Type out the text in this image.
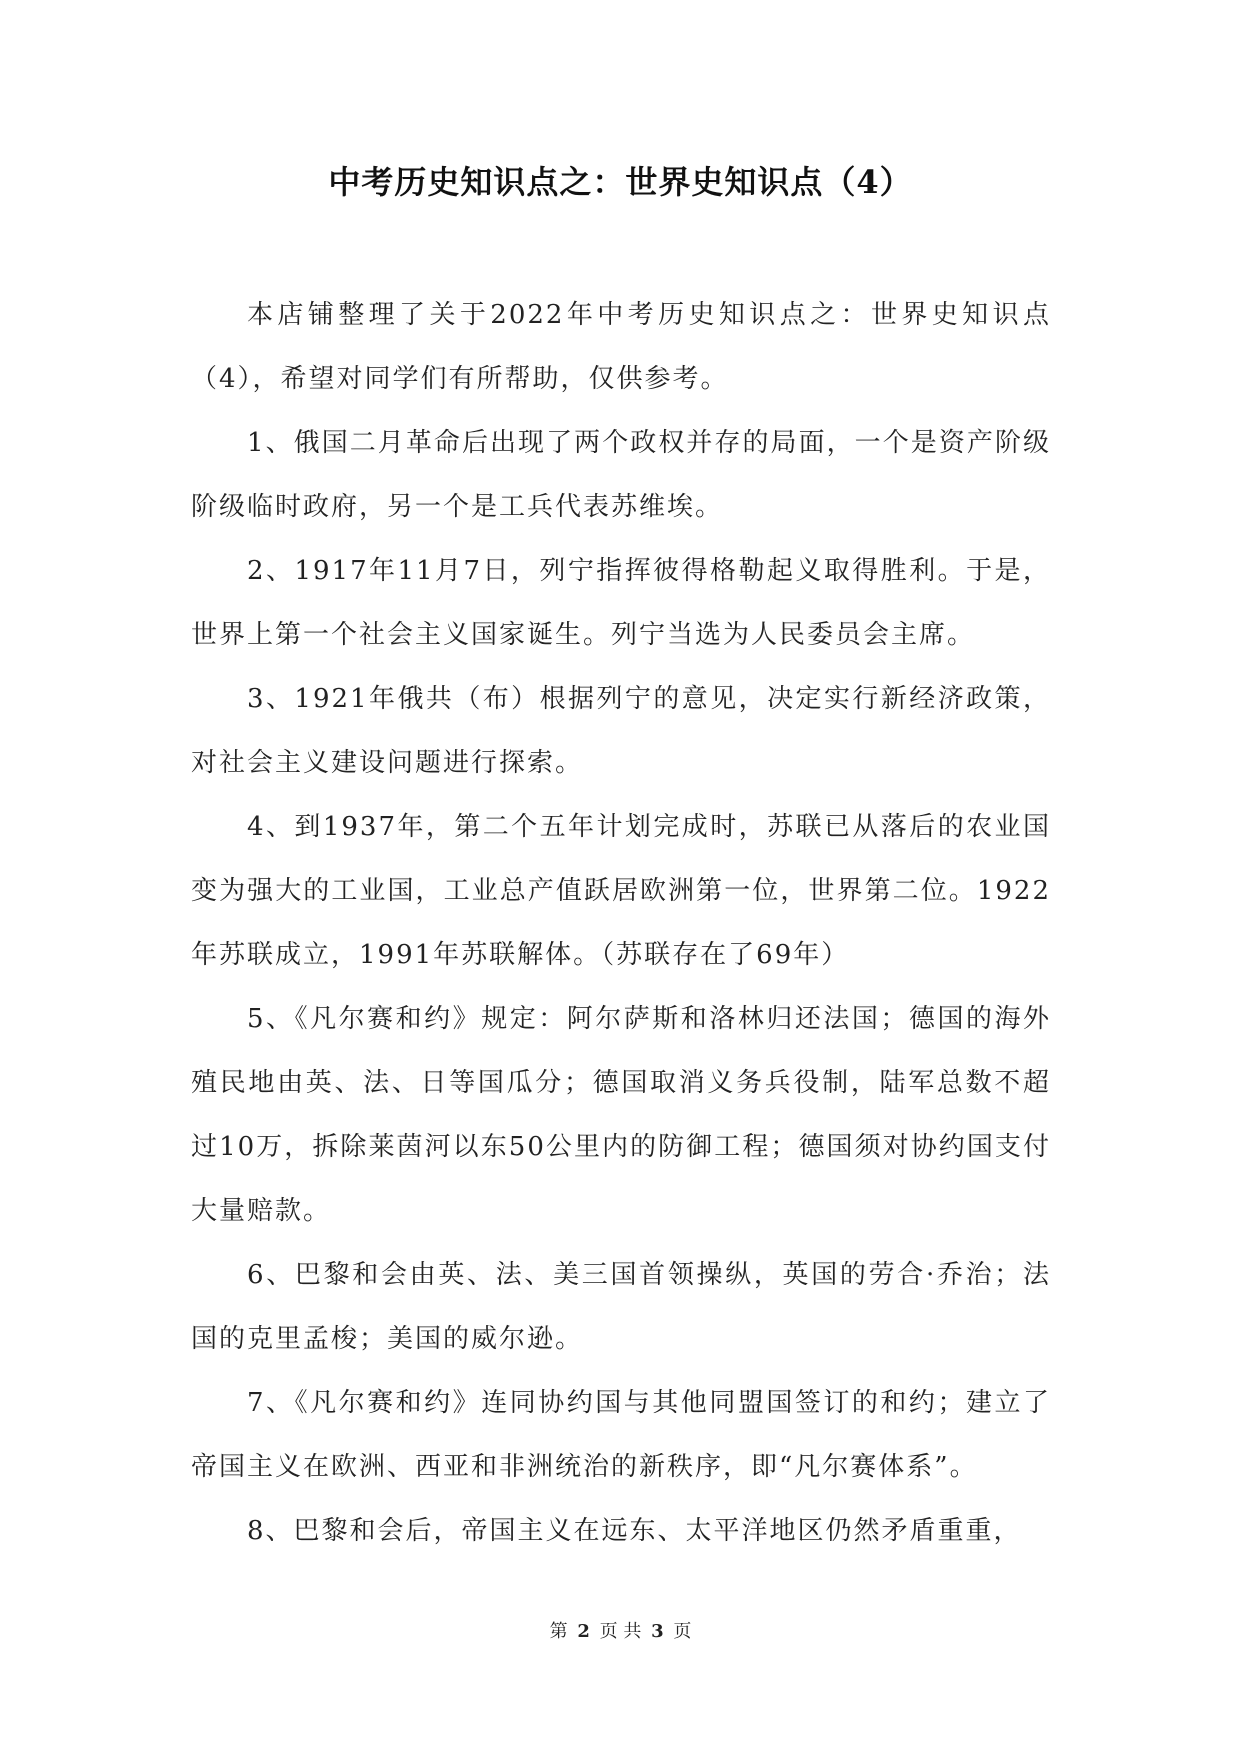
中考历史知识点之：世界史知识点（4）

本店铺整理了关于2022年中考历史知识点之：世界史知识点（4），希望对同学们有所帮助，仅供参考。

1、俄国二月革命后出现了两个政权并存的局面，一个是资产阶级阶级临时政府，另一个是工兵代表苏维埃。

2、1917年11月7日，列宁指挥彼得格勒起义取得胜利。于是，世界上第一个社会主义国家诞生。列宁当选为人民委员会主席。

3、1921年俄共（布）根据列宁的意见，决定实行新经济政策，对社会主义建设问题进行探索。

4、到1937年，第二个五年计划完成时，苏联已从落后的农业国变为强大的工业国，工业总产值跃居欧洲第一位，世界第二位。1922年苏联成立，1991年苏联解体。（苏联存在了69年）

5、《凡尔赛和约》规定：阿尔萨斯和洛林归还法国；德国的海外殖民地由英、法、日等国瓜分；德国取消义务兵役制，陆军总数不超过10万，拆除莱茵河以东50公里内的防御工程；德国须对协约国支付大量赔款。

6、巴黎和会由英、法、美三国首领操纵，英国的劳合·乔治；法国的克里孟梭；美国的威尔逊。

7、《凡尔赛和约》连同协约国与其他同盟国签订的和约；建立了帝国主义在欧洲、西亚和非洲统治的新秩序，即“凡尔赛体系”。

8、巴黎和会后，帝国主义在远东、太平洋地区仍然矛盾重重，

第 2 页 共 3 页
